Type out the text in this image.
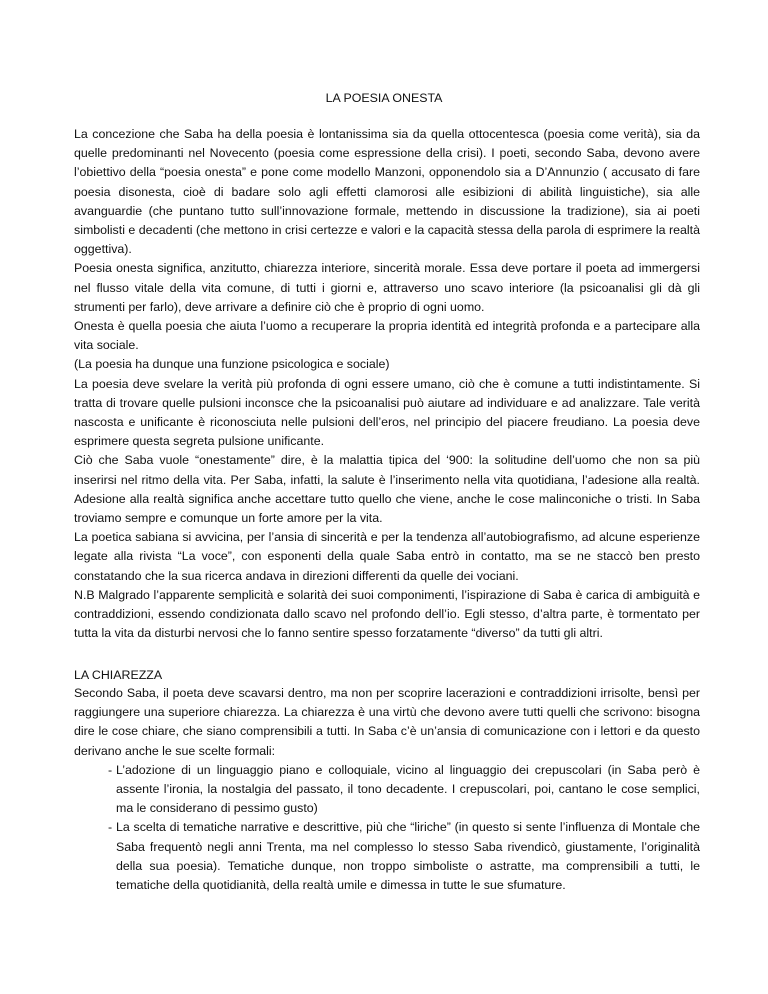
LA POESIA ONESTA

La concezione che Saba ha della poesia è lontanissima sia da quella ottocentesca (poesia come verità), sia da quelle predominanti nel Novecento (poesia come espressione della crisi). I poeti, secondo Saba, devono avere l’obiettivo della “poesia onesta” e pone come modello Manzoni, opponendolo sia a D’Annunzio ( accusato di fare poesia disonesta, cioè di badare solo agli effetti clamorosi alle esibizioni di abilità linguistiche), sia alle avanguardie (che puntano tutto sull’innovazione formale, mettendo in discussione la tradizione), sia ai poeti simbolisti e decadenti (che mettono in crisi certezze e valori e la capacità stessa della parola di esprimere la realtà oggettiva).

Poesia onesta significa, anzitutto, chiarezza interiore, sincerità morale. Essa deve portare il poeta ad immergersi nel flusso vitale della vita comune, di tutti i giorni e, attraverso uno scavo interiore (la psicoanalisi gli dà gli strumenti per farlo), deve arrivare a definire ciò che è proprio di ogni uomo.

Onesta è quella poesia che aiuta l’uomo a recuperare la propria identità ed integrità profonda e a partecipare alla vita sociale.

(La poesia ha dunque una funzione psicologica e sociale)

La poesia deve svelare la verità più profonda di ogni essere umano, ciò che è comune a tutti indistintamente. Si tratta di trovare quelle pulsioni inconsce che la psicoanalisi può aiutare ad individuare e ad analizzare. Tale verità nascosta e unificante è riconosciuta nelle pulsioni dell’eros, nel principio del piacere freudiano. La poesia deve esprimere questa segreta pulsione unificante.

Ciò che Saba vuole “onestamente” dire, è la malattia tipica del ‘900: la solitudine dell’uomo che non sa più inserirsi nel ritmo della vita. Per Saba, infatti, la salute è l’inserimento nella vita quotidiana, l’adesione alla realtà. Adesione alla realtà significa anche accettare tutto quello che viene, anche le cose malinconiche o tristi. In Saba troviamo sempre e comunque un forte amore per la vita.

La poetica sabiana si avvicina, per l’ansia di sincerità e per la tendenza all’autobiografismo, ad alcune esperienze legate alla rivista “La voce”, con esponenti della quale Saba entrò in contatto, ma se ne staccò ben presto constatando che la sua ricerca andava in direzioni differenti da quelle dei vociani.

N.B Malgrado l’apparente semplicità e solarità dei suoi componimenti, l’ispirazione di Saba è carica di ambiguità e contraddizioni, essendo condizionata dallo scavo nel profondo dell’io. Egli stesso, d’altra parte, è tormentato per tutta la vita da disturbi nervosi che lo fanno sentire spesso forzatamente “diverso” da tutti gli altri.

LA CHIAREZZA

Secondo Saba, il poeta deve scavarsi dentro, ma non per scoprire lacerazioni e contraddizioni irrisolte, bensì per raggiungere una superiore chiarezza. La chiarezza è una virtù che devono avere tutti quelli che scrivono: bisogna dire le cose chiare, che siano comprensibili a tutti. In Saba c’è un’ansia di comunicazione con i lettori e da questo derivano anche le sue scelte formali:

- L’adozione di un linguaggio piano e colloquiale, vicino al linguaggio dei crepuscolari (in Saba però è assente l’ironia, la nostalgia del passato, il tono decadente. I crepuscolari, poi, cantano le cose semplici, ma le considerano di pessimo gusto)
- La scelta di tematiche narrative e descrittive, più che “liriche” (in questo si sente l’influenza di Montale che Saba frequentò negli anni Trenta, ma nel complesso lo stesso Saba rivendicò, giustamente, l’originalità della sua poesia). Tematiche dunque, non troppo simboliste o astratte, ma comprensibili a tutti, le tematiche della quotidianità, della realtà umile e dimessa in tutte le sue sfumature.
